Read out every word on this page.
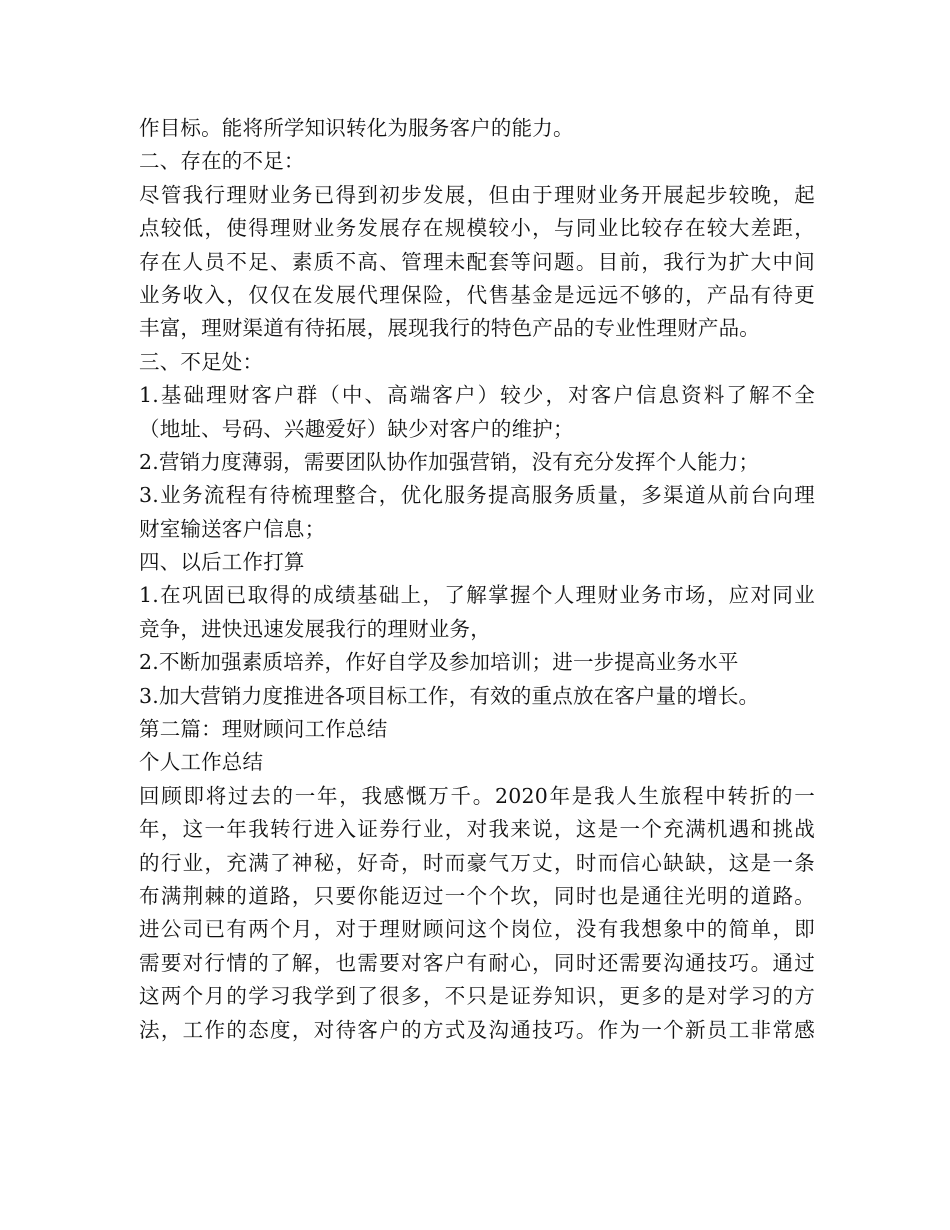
作目标。能将所学知识转化为服务客户的能力。
二、存在的不足：
尽管我行理财业务已得到初步发展，但由于理财业务开展起步较晚，起
点较低，使得理财业务发展存在规模较小，与同业比较存在较大差距，
存在人员不足、素质不高、管理未配套等问题。目前，我行为扩大中间
业务收入，仅仅在发展代理保险，代售基金是远远不够的，产品有待更
丰富，理财渠道有待拓展，展现我行的特色产品的专业性理财产品。
三、不足处：
1.基础理财客户群（中、高端客户）较少，对客户信息资料了解不全
（地址、号码、兴趣爱好）缺少对客户的维护；
2.营销力度薄弱，需要团队协作加强营销，没有充分发挥个人能力；
3.业务流程有待梳理整合，优化服务提高服务质量，多渠道从前台向理
财室输送客户信息；
四、以后工作打算
1.在巩固已取得的成绩基础上，了解掌握个人理财业务市场，应对同业
竞争，进快迅速发展我行的理财业务，
2.不断加强素质培养，作好自学及参加培训；进一步提高业务水平
3.加大营销力度推进各项目标工作，有效的重点放在客户量的增长。
第二篇：理财顾问工作总结
个人工作总结
回顾即将过去的一年，我感慨万千。2020年是我人生旅程中转折的一
年，这一年我转行进入证券行业，对我来说，这是一个充满机遇和挑战
的行业，充满了神秘，好奇，时而豪气万丈，时而信心缺缺，这是一条
布满荆棘的道路，只要你能迈过一个个坎，同时也是通往光明的道路。
进公司已有两个月，对于理财顾问这个岗位，没有我想象中的简单，即
需要对行情的了解，也需要对客户有耐心，同时还需要沟通技巧。通过
这两个月的学习我学到了很多，不只是证券知识，更多的是对学习的方
法，工作的态度，对待客户的方式及沟通技巧。作为一个新员工非常感
